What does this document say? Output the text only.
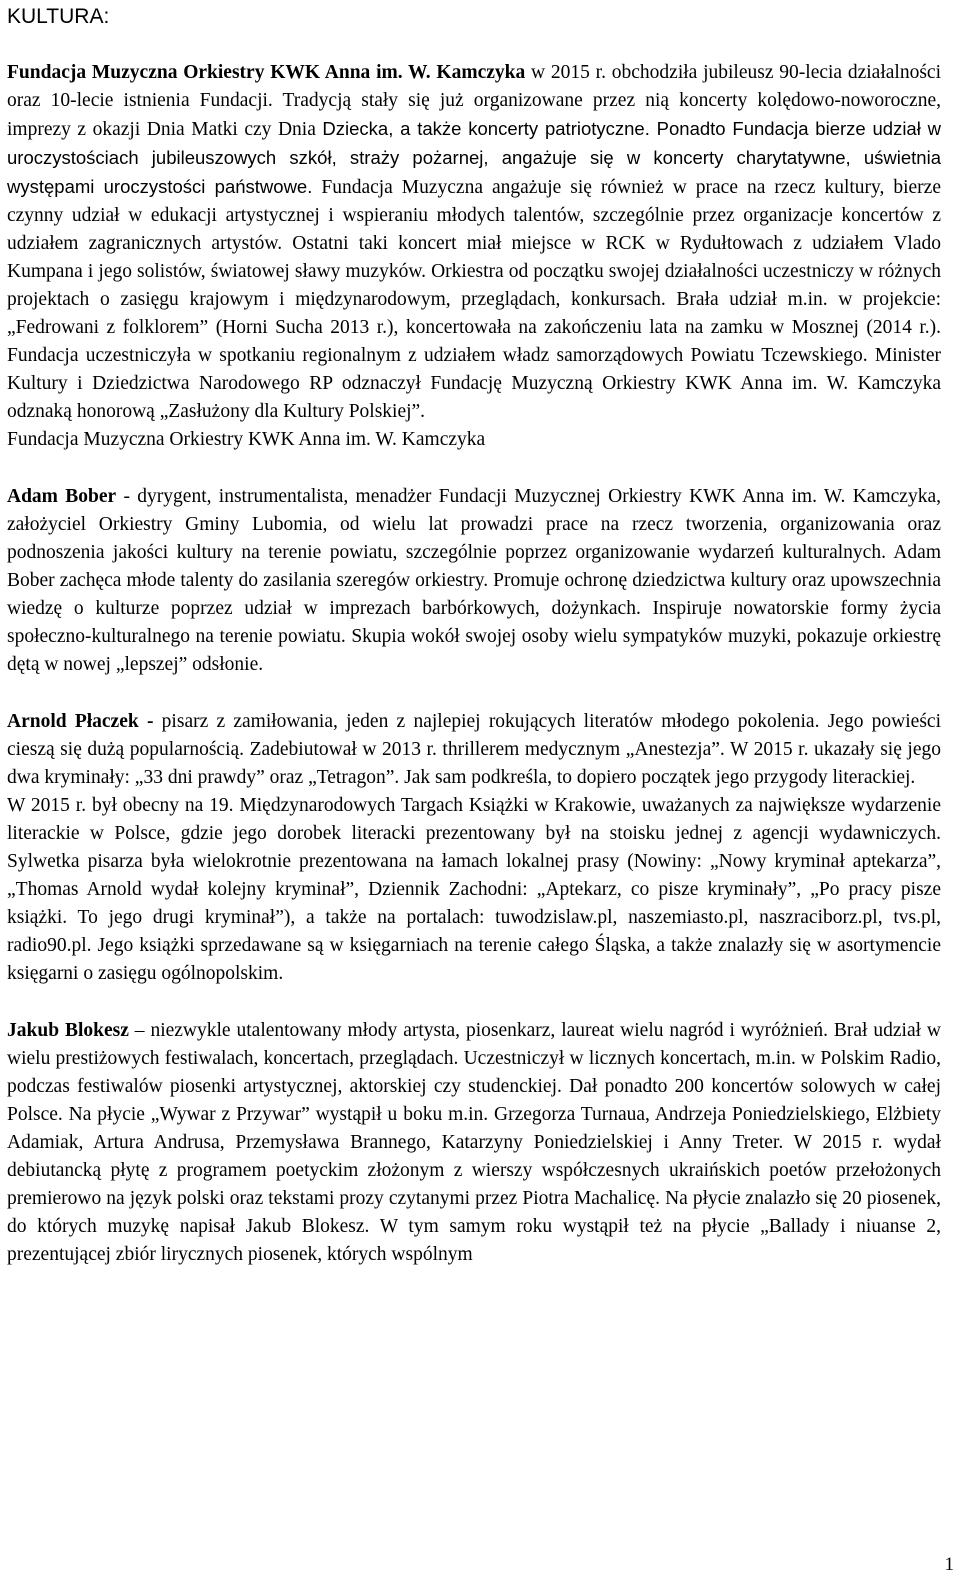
KULTURA:

Fundacja Muzyczna Orkiestry KWK Anna im. W. Kamczyka w 2015 r. obchodziła jubileusz 90-lecia działalności oraz 10-lecie istnienia Fundacji. Tradycją stały się już organizowane przez nią koncerty kolędowo-noworoczne, imprezy z okazji Dnia Matki czy Dnia Dziecka, a także koncerty patriotyczne. Ponadto Fundacja bierze udział w uroczystościach jubileuszowych szkół, straży pożarnej, angażuje się w koncerty charytatywne, uświetnia występami uroczystości państwowe. Fundacja Muzyczna angażuje się również w prace na rzecz kultury, bierze czynny udział w edukacji artystycznej i wspieraniu młodych talentów, szczególnie przez organizacje koncertów z udziałem zagranicznych artystów. Ostatni taki koncert miał miejsce w RCK w Rydułtowach z udziałem Vlado Kumpana i jego solistów, światowej sławy muzyków. Orkiestra od początku swojej działalności uczestniczy w różnych projektach o zasięgu krajowym i międzynarodowym, przeglądach, konkursach. Brała udział m.in. w projekcie: „Fedrowani z folklorem” (Horni Sucha 2013 r.), koncertowała na zakończeniu lata na zamku w Mosznej (2014 r.). Fundacja uczestniczyła w spotkaniu regionalnym z udziałem władz samorządowych Powiatu Tczewskiego. Minister Kultury i Dziedzictwa Narodowego RP odznaczył Fundację Muzyczną Orkiestry KWK Anna im. W. Kamczyka odznaką honorową „Zasłużony dla Kultury Polskiej”.

Fundacja Muzyczna Orkiestry KWK Anna im. W. Kamczyka

Adam Bober - dyrygent, instrumentalista, menadżer Fundacji Muzycznej Orkiestry KWK Anna im. W. Kamczyka, założyciel Orkiestry Gminy Lubomia, od wielu lat prowadzi prace na rzecz tworzenia, organizowania oraz podnoszenia jakości kultury na terenie powiatu, szczególnie poprzez organizowanie wydarzeń kulturalnych. Adam Bober zachęca młode talenty do zasilania szeregów orkiestry. Promuje ochronę dziedzictwa kultury oraz upowszechnia wiedzę o kulturze poprzez udział w imprezach barbórkowych, dożynkach. Inspiruje nowatorskie formy życia społeczno-kulturalnego na terenie powiatu. Skupia wokół swojej osoby wielu sympatyków muzyki, pokazuje orkiestrę dętą w nowej „lepszej” odsłonie.

Arnold Płaczek - pisarz z zamiłowania, jeden z najlepiej rokujących literatów młodego pokolenia. Jego powieści cieszą się dużą popularnością. Zadebiutował w 2013 r. thrillerem medycznym „Anestezja”. W 2015 r. ukazały się jego dwa kryminały: „33 dni prawdy” oraz „Tetragon”. Jak sam podkreśla, to dopiero początek jego przygody literackiej.

W 2015 r. był obecny na 19. Międzynarodowych Targach Książki w Krakowie, uważanych za największe wydarzenie literackie w Polsce, gdzie jego dorobek literacki prezentowany był na stoisku jednej z agencji wydawniczych. Sylwetka pisarza była wielokrotnie prezentowana na łamach lokalnej prasy (Nowiny: „Nowy kryminał aptekarza”, „Thomas Arnold wydał kolejny kryminał”, Dziennik Zachodni: „Aptekarz, co pisze kryminały”, „Po pracy pisze książki. To jego drugi kryminał”), a także na portalach: tuwodzislaw.pl, naszemiasto.pl, naszraciborz.pl, tvs.pl, radio90.pl. Jego książki sprzedawane są w księgarniach na terenie całego Śląska, a także znalazły się w asortymencie księgarni o zasięgu ogólnopolskim.

Jakub Blokesz – niezwykle utalentowany młody artysta, piosenkarz, laureat wielu nagród i wyróżnień. Brał udział w wielu prestiżowych festiwalach, koncertach, przeglądach. Uczestniczył w licznych koncertach, m.in. w Polskim Radio, podczas festiwalów piosenki artystycznej, aktorskiej czy studenckiej. Dał ponadto 200 koncertów solowych w całej Polsce. Na płycie „Wywar z Przywar” wystąpił u boku m.in. Grzegorza Turnaua, Andrzeja Poniedzielskiego, Elżbiety Adamiak, Artura Andrusa, Przemysława Brannego, Katarzyny Poniedzielskiej i Anny Treter. W 2015 r. wydał debiutancką płytę z programem poetyckim złożonym z wierszy współczesnych ukraińskich poetów przełożonych premierowo na język polski oraz tekstami prozy czytanymi przez Piotra Machalicę. Na płycie znalazło się 20 piosenek, do których muzykę napisał Jakub Blokesz. W tym samym roku wystąpił też na płycie „Ballady i niuanse 2, prezentującej zbiór lirycznych piosenek, których wspólnym

1
